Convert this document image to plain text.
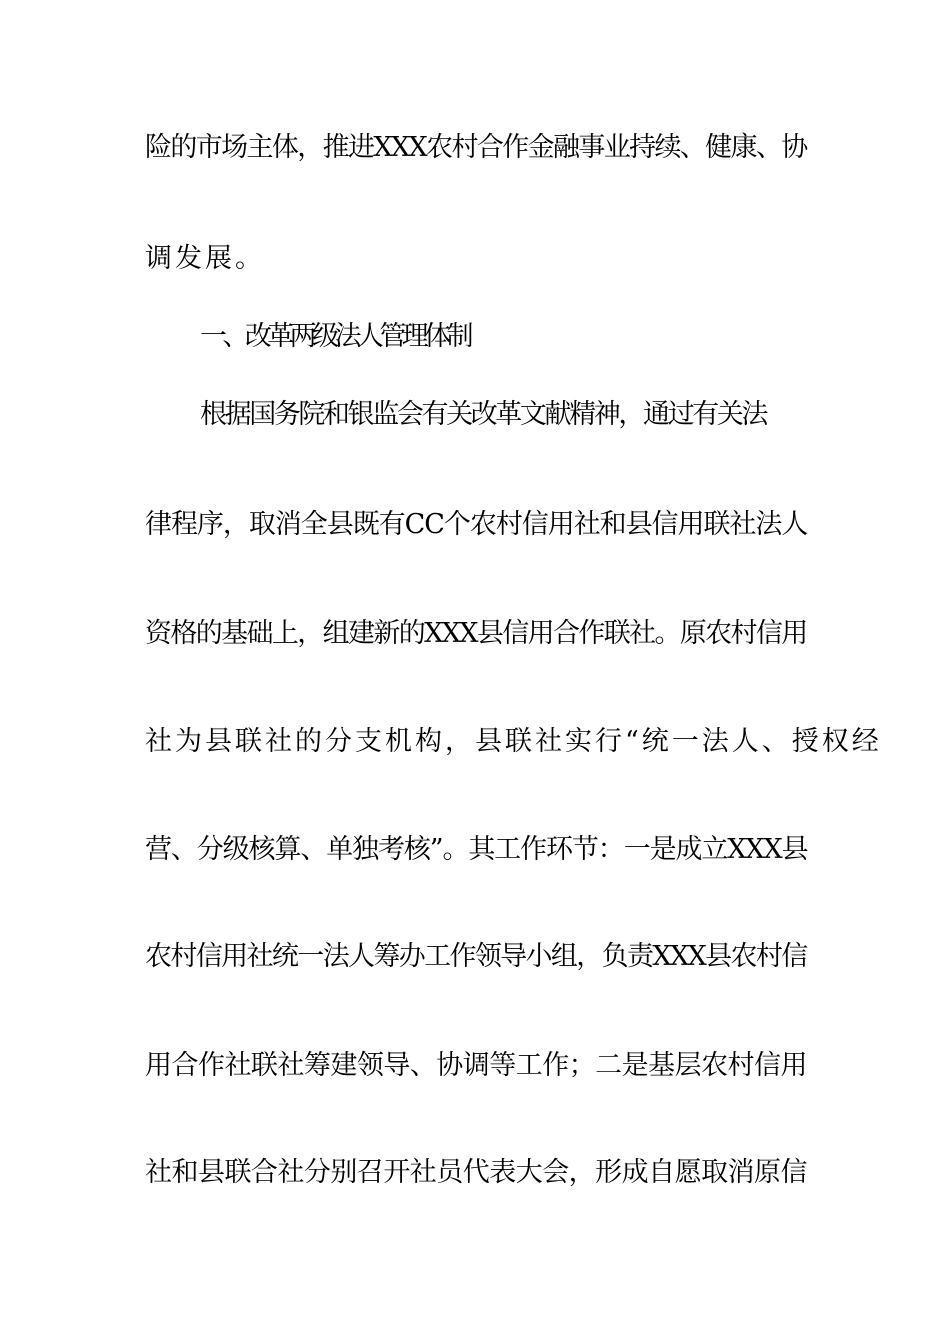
险的市场主体，推进XXX农村合作金融事业持续、健康、协
调发展。
一、改革两级法人管理体制
根据国务院和银监会有关改革文献精神，通过有关法
律程序，取消全县既有CC个农村信用社和县信用联社法人
资格的基础上，组建新的XXX县信用合作联社。原农村信用
社为县联社的分支机构，县联社实行“统一法人、授权经
营、分级核算、单独考核”。其工作环节：一是成立XXX县
农村信用社统一法人筹办工作领导小组，负责XXX县农村信
用合作社联社筹建领导、协调等工作；二是基层农村信用
社和县联合社分别召开社员代表大会，形成自愿取消原信
